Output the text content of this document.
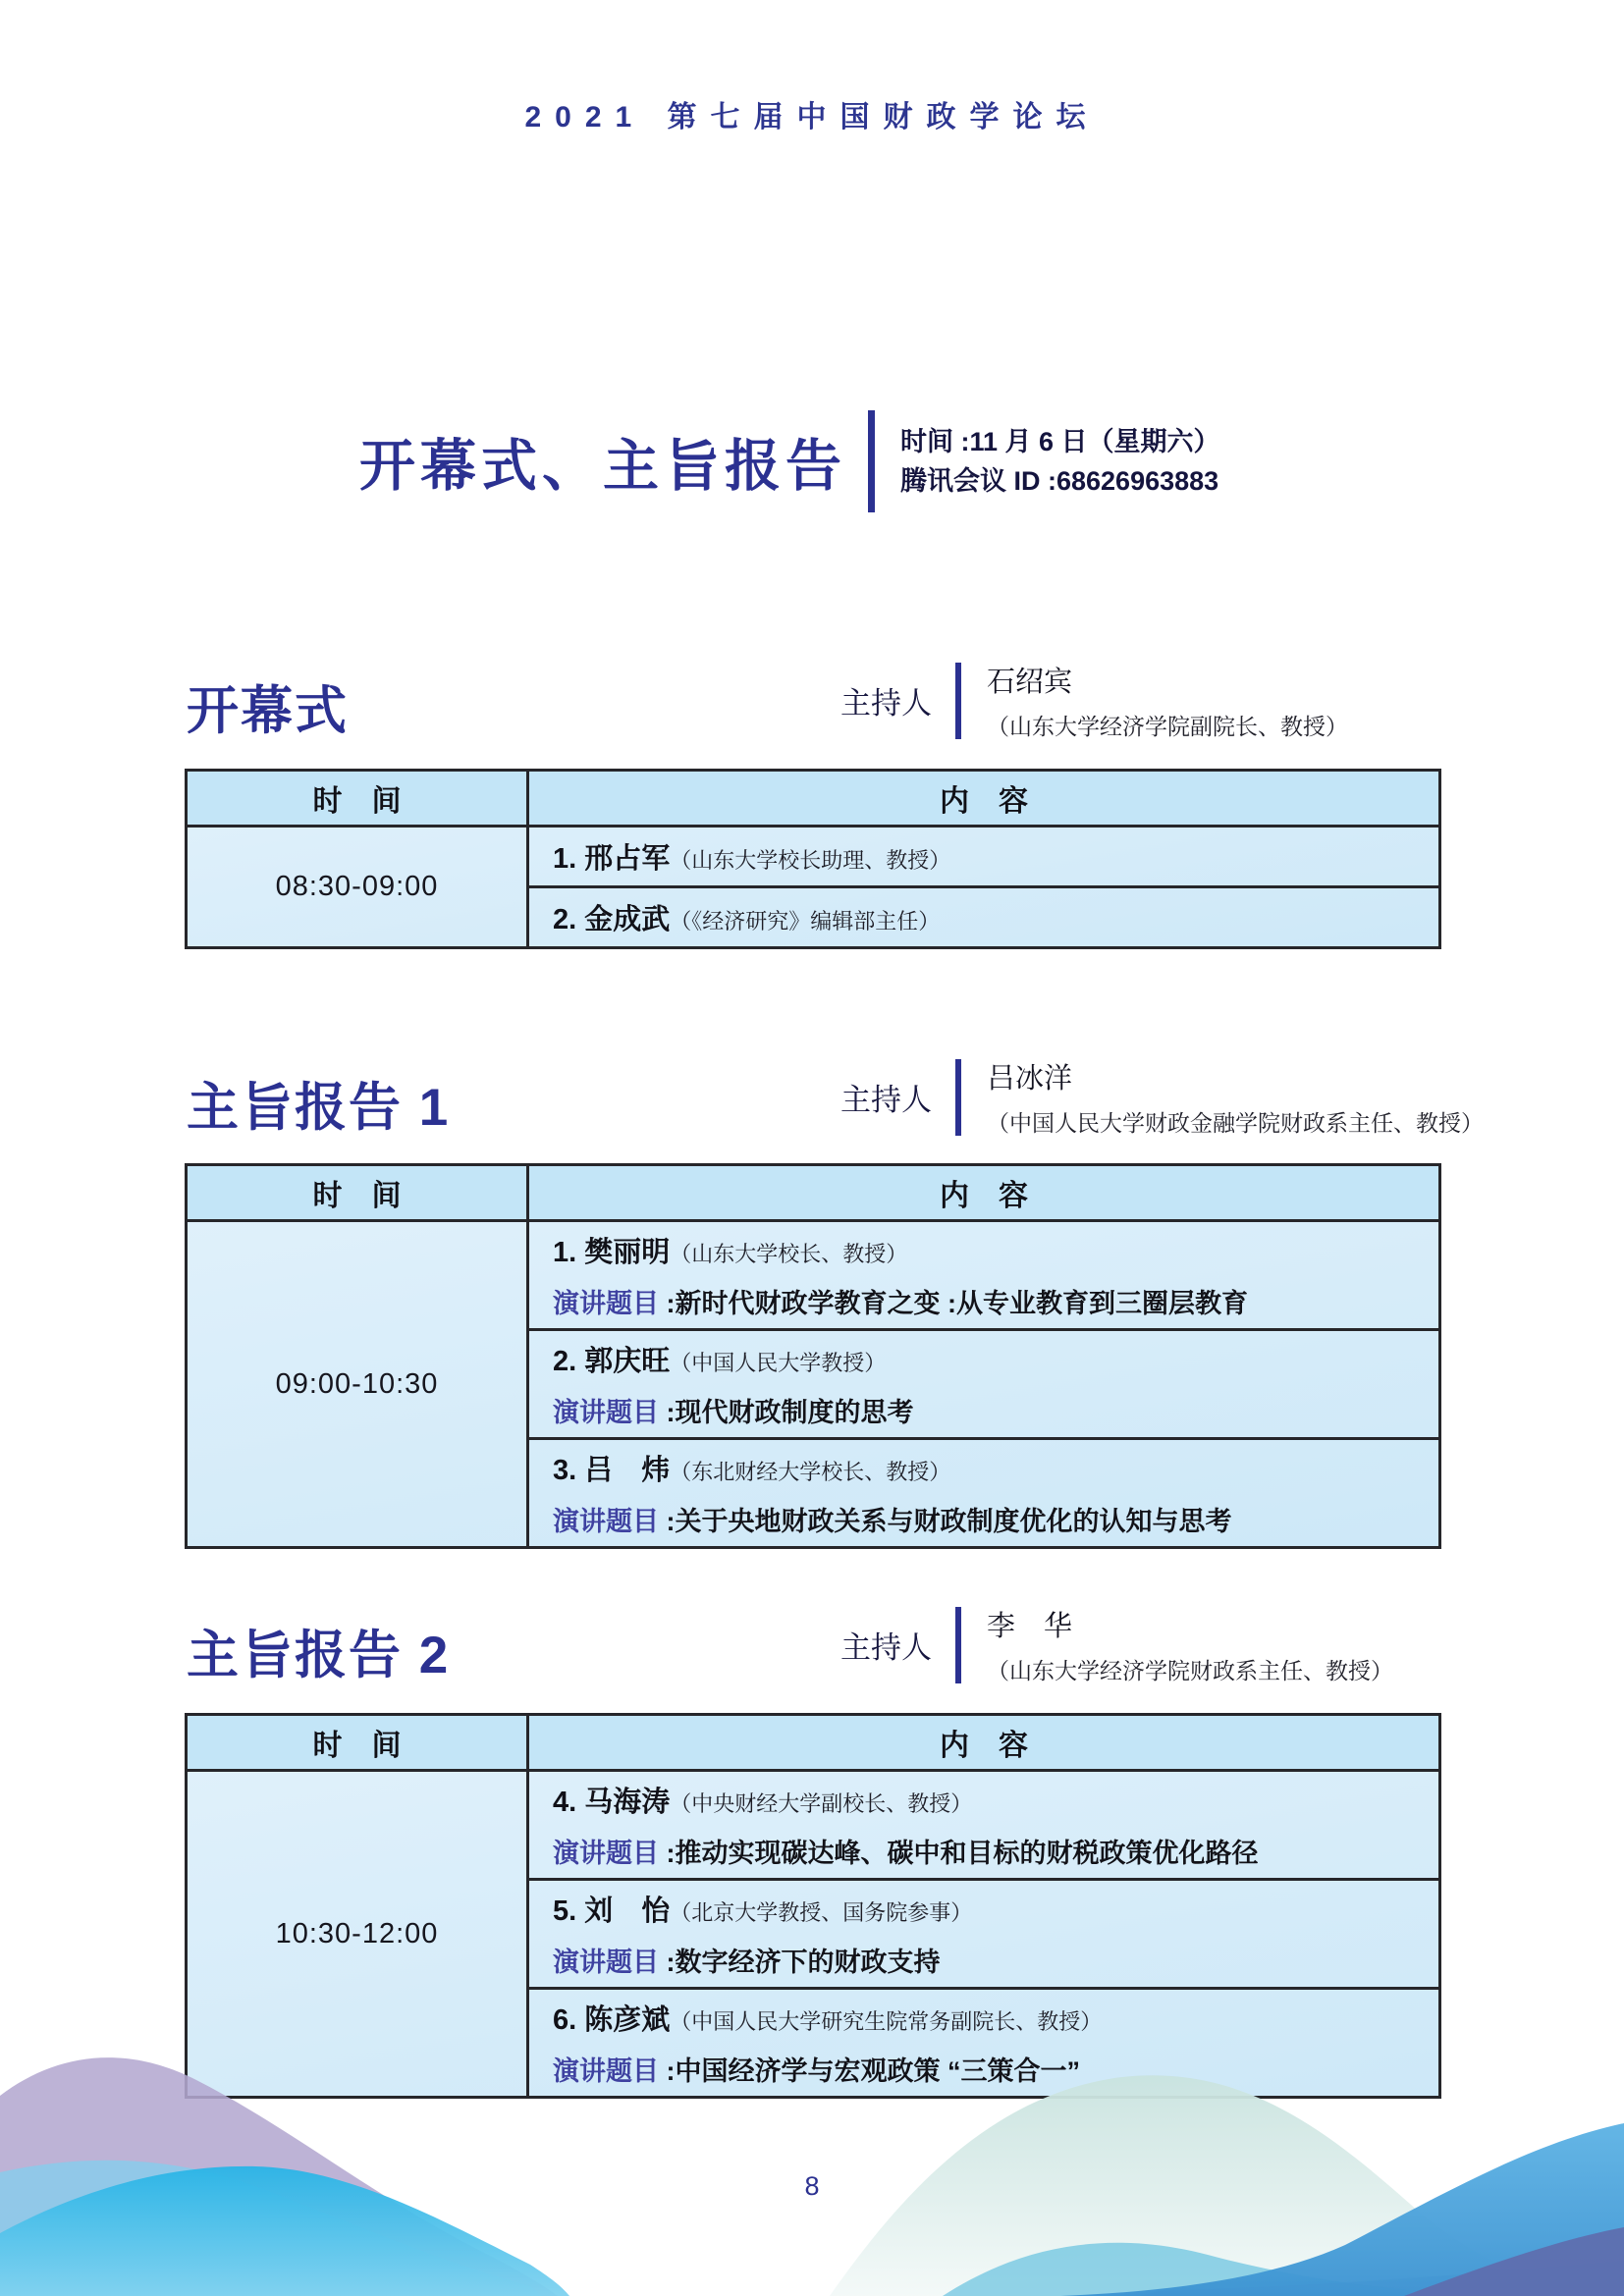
2021 第七届中国财政学论坛
开幕式、主旨报告 时间 :11 月 6 日（星期六）
腾讯会议 ID :68626963883
开幕式	主持人
石绍宾
（山东大学经济学院副院长、教授）
时　间	内　容
08:30-09:00	1. 邢占军（山东大学校长助理、教授）
	2. 金成武（《经济研究》编辑部主任）
主旨报告 1	主持人
吕冰洋
（中国人民大学财政金融学院财政系主任、教授）
时　间	内　容
09:00-10:30	1. 樊丽明（山东大学校长、教授）
演讲题目 :新时代财政学教育之变 :从专业教育到三圈层教育

	2. 郭庆旺（中国人民大学教授）
演讲题目 :现代财政制度的思考

	3. 吕　炜（东北财经大学校长、教授）
演讲题目 :关于央地财政关系与财政制度优化的认知与思考
主旨报告 2	主持人
李　华
（山东大学经济学院财政系主任、教授）
时　间	内　容
10:30-12:00	4. 马海涛（中央财经大学副校长、教授）
演讲题目 :推动实现碳达峰、碳中和目标的财税政策优化路径

	5. 刘　怡（北京大学教授、国务院参事）
演讲题目 :数字经济下的财政支持

	6. 陈彦斌（中国人民大学研究生院常务副院长、教授）
演讲题目 :中国经济学与宏观政策 “三策合一”
8
